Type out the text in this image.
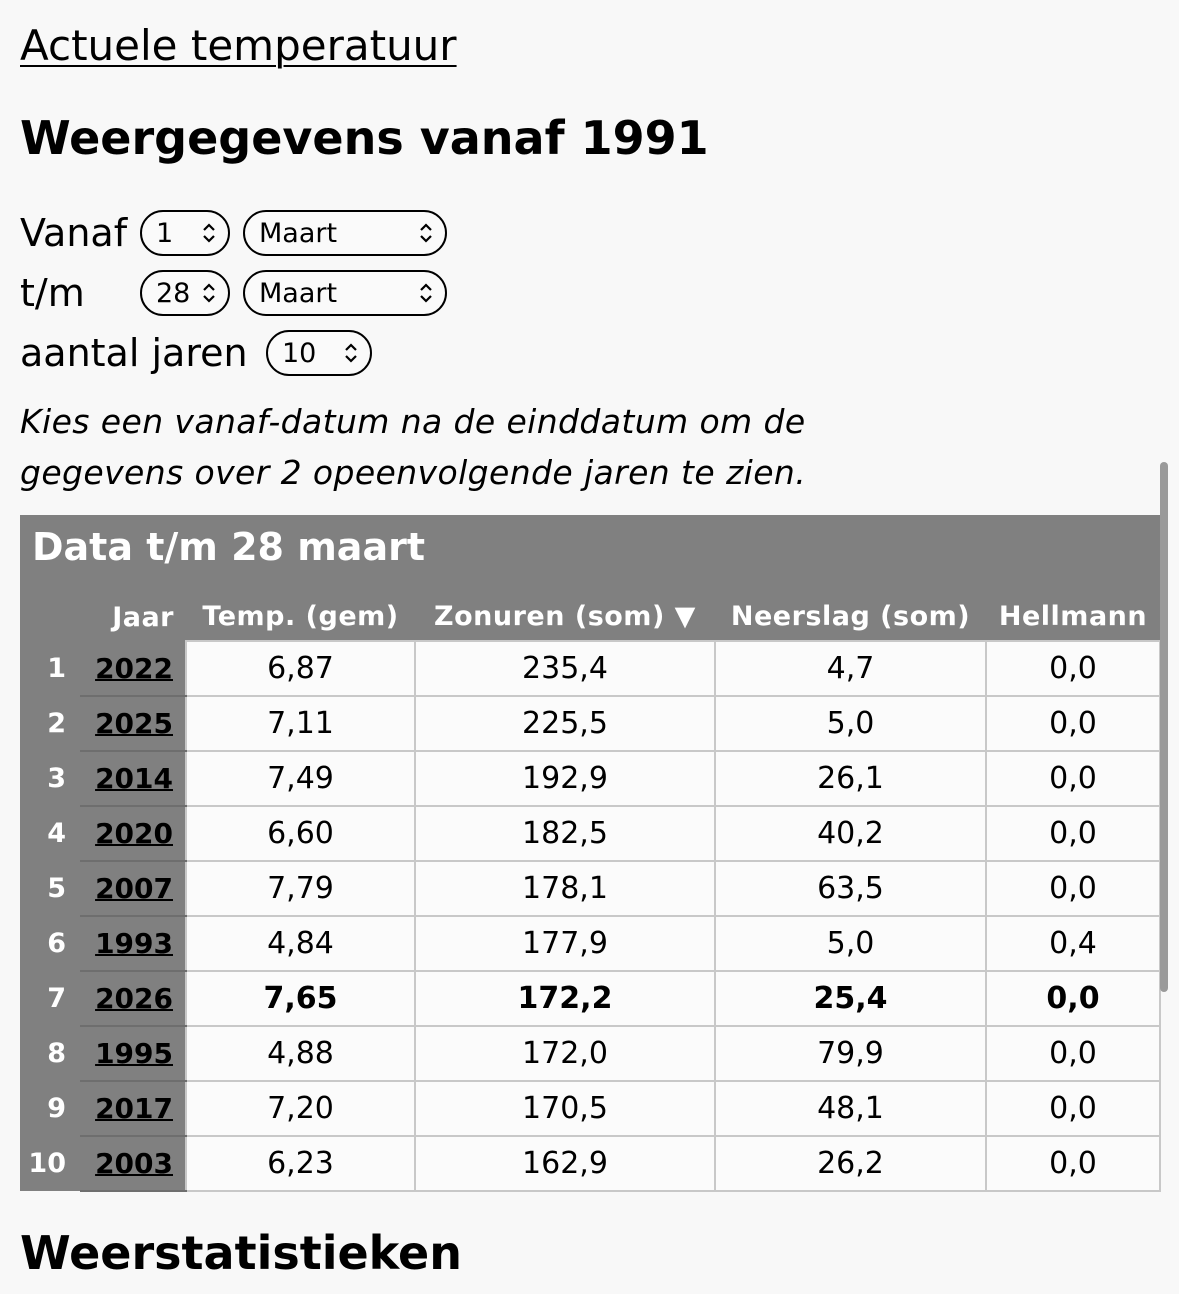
Actuele temperatuur
Weergegevens vanaf 1991
Vanaf 1	Maart
t/m	28	Maart
aantal jaren 10
Kies een vanaf-datum na de einddatum om de gegevens over 2 opeenvolgende jaren te zien.
Data t/m 28 maart
	Jaar	Temp. (gem)	Zonuren (som) ▼	Neerslag (som)	Hellmann
1	2022	6,87	235,4	4,7	0,0
2	2025	7,11	225,5	5,0	0,0
3	2014	7,49	192,9	26,1	0,0
4	2020	6,60	182,5	40,2	0,0
5	2007	7,79	178,1	63,5	0,0
6	1993	4,84	177,9	5,0	0,4
7	2026	7,65	172,2	25,4	0,0
8	1995	4,88	172,0	79,9	0,0
9	2017	7,20	170,5	48,1	0,0
10	2003	6,23	162,9	26,2	0,0
Weerstatistieken
